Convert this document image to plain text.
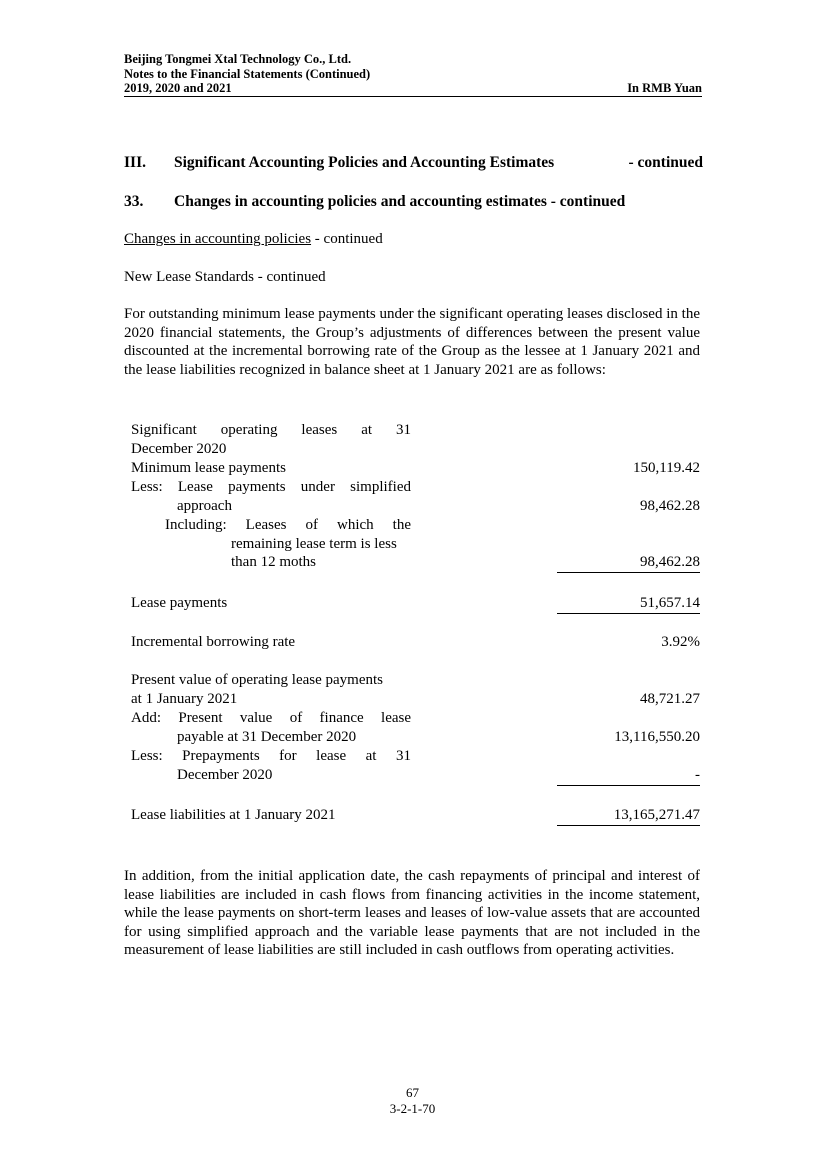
Beijing Tongmei Xtal Technology Co., Ltd.
Notes to the Financial Statements (Continued)
2019, 2020 and 2021	In RMB Yuan
III.	Significant Accounting Policies and Accounting Estimates	- continued
33.	Changes in accounting policies and accounting estimates - continued
Changes in accounting policies - continued
New Lease Standards - continued
For outstanding minimum lease payments under the significant operating leases disclosed in the 2020 financial statements, the Group’s adjustments of differences between the present value discounted at the incremental borrowing rate of the Group as the lessee at 1 January 2021 and the lease liabilities recognized in balance sheet at 1 January 2021 are as follows:
Significant operating leases at 31
December 2020
Minimum lease payments	150,119.42
Less: Lease payments under simplified
approach	98,462.28
Including: Leases of which the
remaining lease term is less
than 12 moths	98,462.28
Lease payments	51,657.14
Incremental borrowing rate	3.92%
Present value of operating lease payments
at 1 January 2021	48,721.27
Add: Present value of finance lease
payable at 31 December 2020	13,116,550.20
Less: Prepayments for lease at 31
December 2020	-
Lease liabilities at 1 January 2021	13,165,271.47
In addition, from the initial application date, the cash repayments of principal and interest of lease liabilities are included in cash flows from financing activities in the income statement, while the lease payments on short-term leases and leases of low-value assets that are accounted for using simplified approach and the variable lease payments that are not included in the measurement of lease liabilities are still included in cash outflows from operating activities.
67
3-2-1-70
